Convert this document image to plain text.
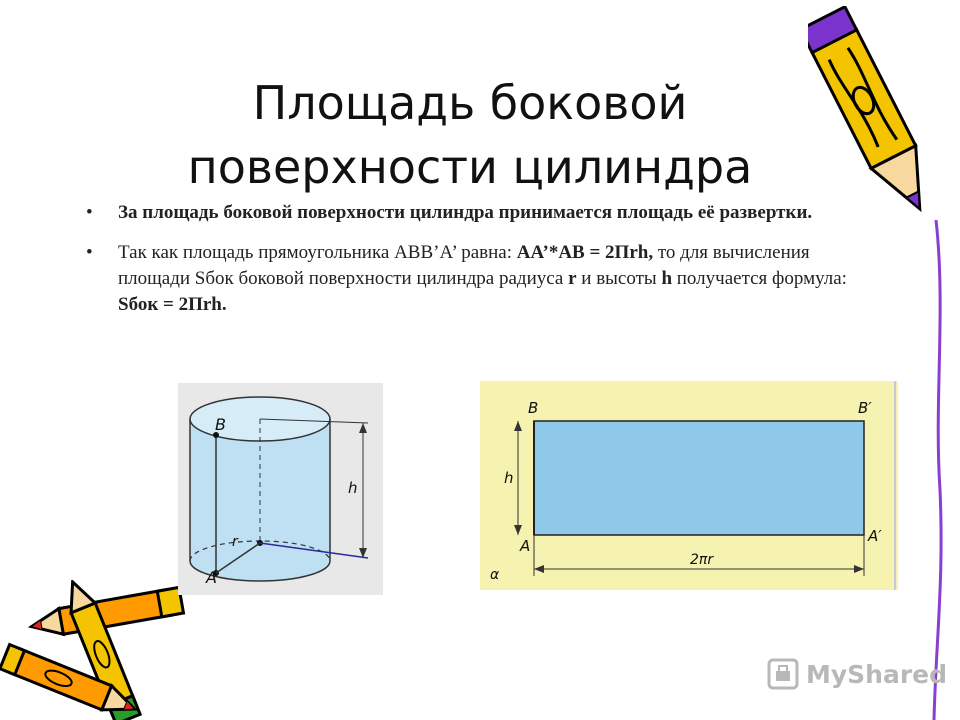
Площадь боковой
поверхности цилиндра
• За площадь боковой поверхности цилиндра принимается площадь её развертки.
• Так как площадь прямоугольника АВВ’А’ равна: АА’*АВ = 2Пrh, то для вычисления площади Sбок боковой поверхности цилиндра радиуса r и высоты h получается формула: Sбок = 2Пrh.
B
A
r
h
B	B′
A
A′
h
2πr
α
MyShared
